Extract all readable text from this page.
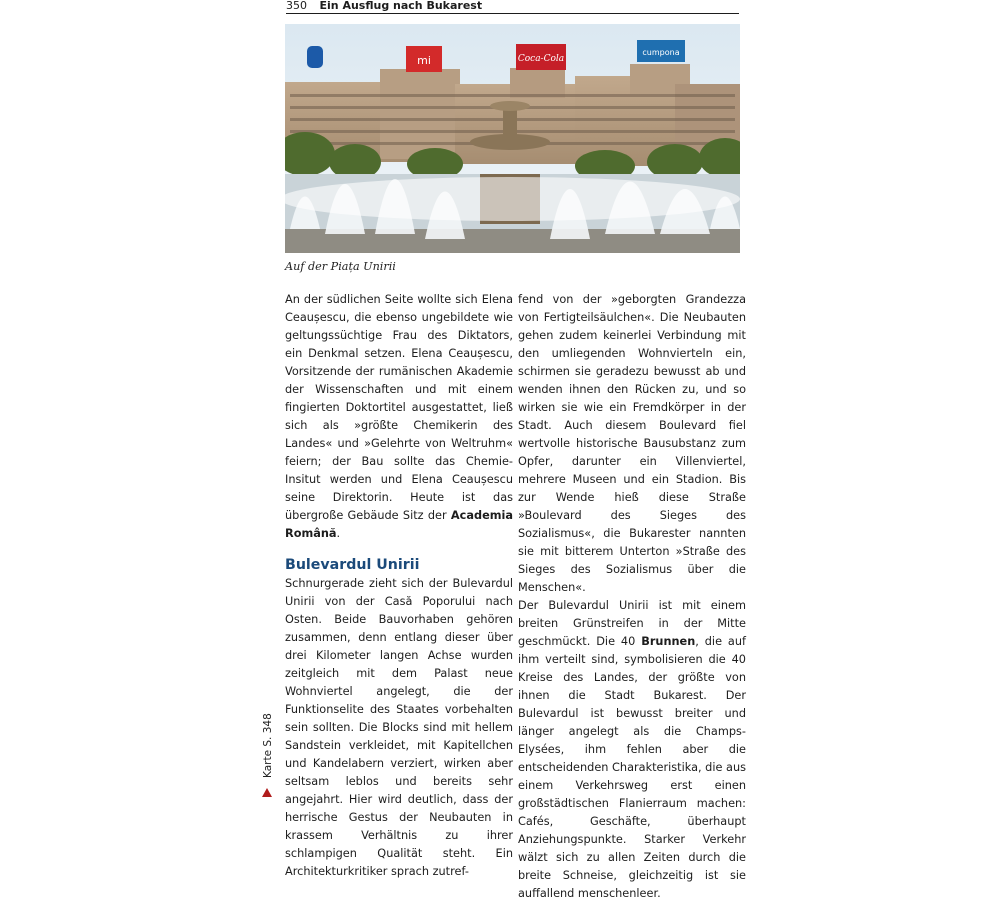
350 Ein Ausflug nach Bukarest
mi	Coca-Cola
cumpona
Auf der Piața Unirii

An der südlichen Seite wollte sich Elena Ceaușescu, die ebenso ungebildete wie geltungssüchtige Frau des Diktators, ein Denkmal setzen. Elena Ceaușescu, Vorsitzende der rumänischen Akademie der Wissenschaften und mit einem fingierten Doktortitel ausgestattet, ließ sich als »größte Chemikerin des Landes« und »Gelehrte von Weltruhm« feiern; der Bau sollte das Chemie-Insitut werden und Elena Ceaușescu seine Direktorin. Heute ist das übergroße Gebäude Sitz der Academia Română.

Bulevardul Unirii

Schnurgerade zieht sich der Bulevardul Unirii von der Casă Poporului nach Osten. Beide Bauvorhaben gehören zusammen, denn entlang dieser über drei Kilometer langen Achse wurden zeitgleich mit dem Palast neue Wohnviertel angelegt, die der Funktionselite des Staates vorbehalten sein sollten. Die Blocks sind mit hellem Sandstein verkleidet, mit Kapitellchen und Kandelabern verziert, wirken aber seltsam leblos und bereits sehr angejahrt. Hier wird deutlich, dass der herrische Gestus der Neubauten in krassem Verhältnis zu ihrer schlampigen Qualität steht. Ein Architekturkritiker sprach zutref-

fend von der »geborgten Grandezza von Fertigteilsäulchen«. Die Neubauten gehen zudem keinerlei Verbindung mit den umliegenden Wohnvierteln ein, schirmen sie geradezu bewusst ab und wenden ihnen den Rücken zu, und so wirken sie wie ein Fremdkörper in der Stadt. Auch diesem Boulevard fiel wertvolle historische Bausubstanz zum Opfer, darunter ein Villenviertel, mehrere Museen und ein Stadion. Bis zur Wende hieß diese Straße »Boulevard des Sieges des Sozialismus«, die Bukarester nannten sie mit bitterem Unterton »Straße des Sieges des Sozialismus über die Menschen«.

Der Bulevardul Unirii ist mit einem breiten Grünstreifen in der Mitte geschmückt. Die 40 Brunnen, die auf ihm verteilt sind, symbolisieren die 40 Kreise des Landes, der größte von ihnen die Stadt Bukarest. Der Bulevardul ist bewusst breiter und länger angelegt als die Champs-Elysées, ihm fehlen aber die entscheidenden Charakteristika, die aus einem Verkehrsweg erst einen großstädtischen Flanierraum machen: Cafés, Geschäfte, überhaupt Anziehungspunkte. Starker Verkehr wälzt sich zu allen Zeiten durch die breite Schneise, gleichzeitig ist sie auffallend menschenleer.

Karte S. 348
